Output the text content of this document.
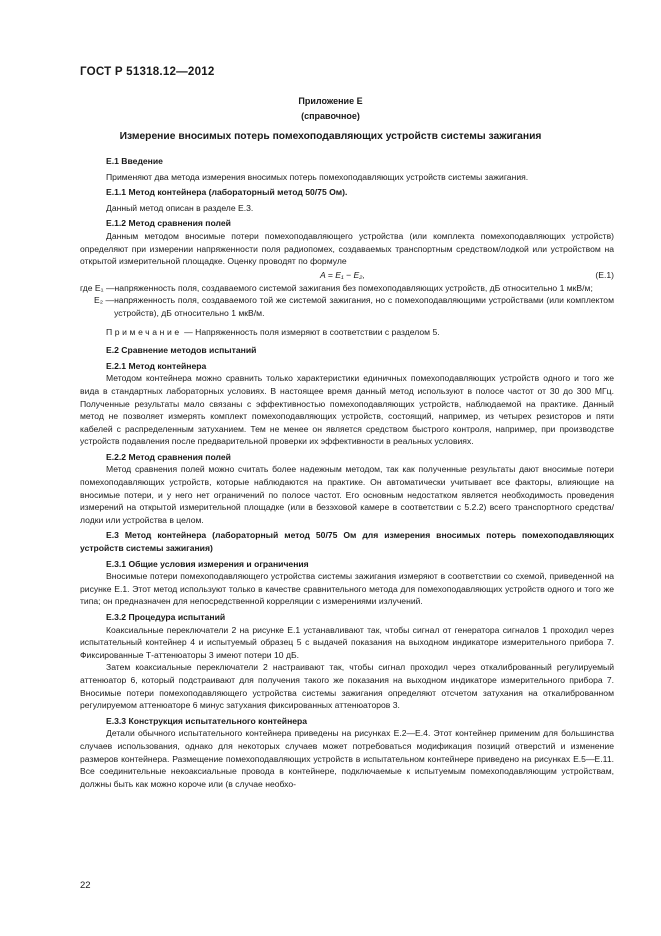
ГОСТ Р 51318.12—2012
Приложение Е
(справочное)
Измерение вносимых потерь помехоподавляющих устройств системы зажигания

Е.1 Введение

Применяют два метода измерения вносимых потерь помехоподавляющих устройств системы зажигания.

Е.1.1 Метод контейнера (лабораторный метод 50/75 Ом).

Данный метод описан в разделе Е.3.

Е.1.2 Метод сравнения полей

Данным методом вносимые потери помехоподавляющего устройства (или комплекта помехоподавляющих устройств) определяют при измерении напряженности поля радиопомех, создаваемых транспортным средством/лодкой или устройством на открытой измерительной площадке. Оценку проводят по формуле

A = E₁ − E₂,	(Е.1)
где E₁ — напряженность поля, создаваемого системой зажигания без помехоподавляющих устройств, дБ относительно 1 мкВ/м;
E₂ — напряженность поля, создаваемого той же системой зажигания, но с помехоподавляющими устройствами (или комплектом устройств), дБ относительно 1 мкВ/м.

Примечание — Напряженность поля измеряют в соответствии с разделом 5.

Е.2 Сравнение методов испытаний

Е.2.1 Метод контейнера

Методом контейнера можно сравнить только характеристики единичных помехоподавляющих устройств одного и того же вида в стандартных лабораторных условиях. В настоящее время данный метод используют в полосе частот от 30 до 300 МГц. Полученные результаты мало связаны с эффективностью помехоподавляющих устройств, наблюдаемой на практике. Данный метод не позволяет измерять комплект помехоподавляющих устройств, состоящий, например, из четырех резисторов и пяти кабелей с распределенным затуханием. Тем не менее он является средством быстрого контроля, например, при производстве устройств подавления после предварительной проверки их эффективности в реальных условиях.

Е.2.2 Метод сравнения полей

Метод сравнения полей можно считать более надежным методом, так как полученные результаты дают вносимые потери помехоподавляющих устройств, которые наблюдаются на практике. Он автоматически учитывает все факторы, влияющие на вносимые потери, и у него нет ограничений по полосе частот. Его основным недостатком является необходимость проведения измерений на открытой измерительной площадке (или в безэховой камере в соответствии с 5.2.2) всего транспортного средства/лодки или устройства в целом.

Е.3 Метод контейнера (лабораторный метод 50/75 Ом для измерения вносимых потерь помехоподавляющих устройств системы зажигания)

Е.3.1 Общие условия измерения и ограничения

Вносимые потери помехоподавляющего устройства системы зажигания измеряют в соответствии со схемой, приведенной на рисунке Е.1. Этот метод используют только в качестве сравнительного метода для помехоподавляющих устройств одного и того же типа; он предназначен для непосредственной корреляции с измерениями излучений.

Е.3.2 Процедура испытаний

Коаксиальные переключатели 2 на рисунке Е.1 устанавливают так, чтобы сигнал от генератора сигналов 1 проходил через испытательный контейнер 4 и испытуемый образец 5 с выдачей показания на выходном индикаторе измерительного прибора 7. Фиксированные Т-аттенюаторы 3 имеют потери 10 дБ.

Затем коаксиальные переключатели 2 настраивают так, чтобы сигнал проходил через откалиброванный регулируемый аттенюатор 6, который подстраивают для получения такого же показания на выходном индикаторе измерительного прибора 7. Вносимые потери помехоподавляющего устройства системы зажигания определяют отсчетом затухания на откалиброванном регулируемом аттенюаторе 6 минус затухания фиксированных аттенюаторов 3.

Е.3.3 Конструкция испытательного контейнера

Детали обычного испытательного контейнера приведены на рисунках Е.2—Е.4. Этот контейнер применим для большинства случаев использования, однако для некоторых случаев может потребоваться модификация позиций отверстий и изменение размеров контейнера. Размещение помехоподавляющих устройств в испытательном контейнере приведено на рисунках Е.5—Е.11. Все соединительные некоаксиальные провода в контейнере, подключаемые к испытуемым помехоподавляющим устройствам, должны быть как можно короче или (в случае необхо-

22
